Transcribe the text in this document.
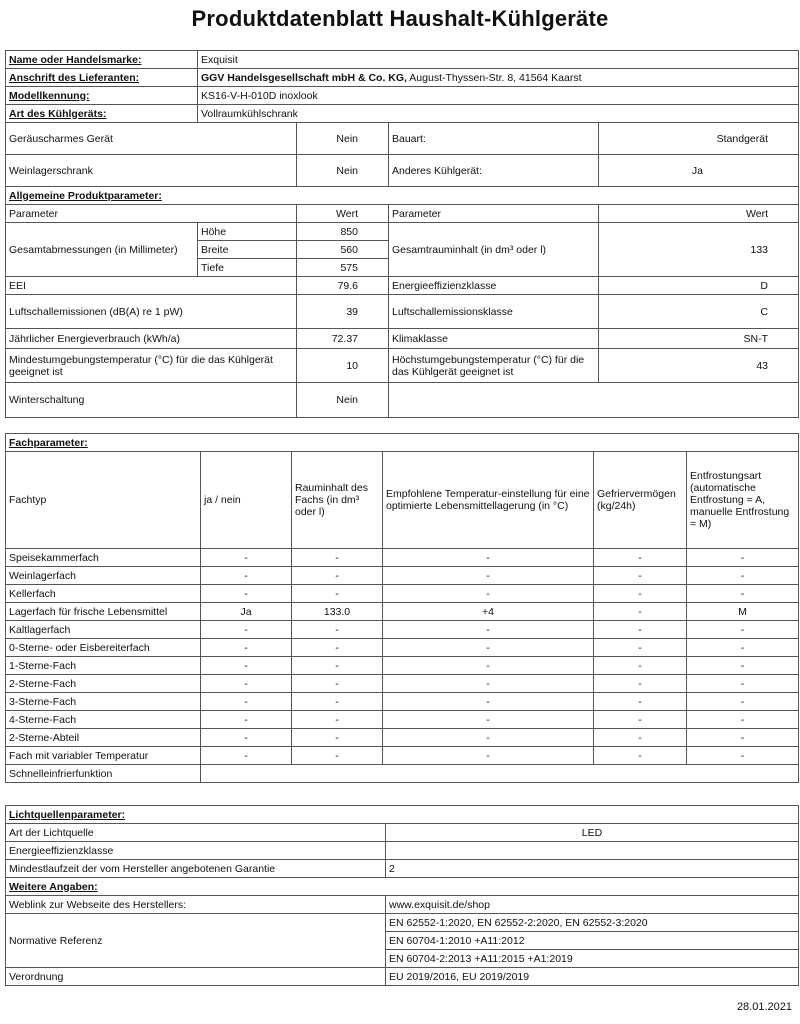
Produktdatenblatt Haushalt-Kühlgeräte
Name oder Handelsmarke:	Exquisit			
Anschrift des Lieferanten:	GGV Handelsgesellschaft mbH & Co. KG, August-Thyssen-Str. 8, 41564 Kaarst			
Modellkennung:	KS16-V-H-010D inoxlook			
Art des Kühlgeräts:	Vollraumkühlschrank			
Geräuscharmes Gerät		Nein	Bauart:	Standgerät
Weinlagerschrank		Nein	Anderes Kühlgerät:	Ja
Allgemeine Produktparameter:				
Parameter		Wert	Parameter	Wert
Gesamtabmessungen (in Millimeter)	Höhe	850	Gesamtrauminhalt (in dm³ oder l)	133
	Breite	560		
	Tiefe	575		
EEI		79.6	Energieeffizienzklasse	D
Luftschallemissionen (dB(A) re 1 pW)		39	Luftschallemissionsklasse	C
Jährlicher Energieverbrauch (kWh/a)		72.37	Klimaklasse	SN-T
Mindestumgebungstemperatur (°C) für die das Kühlgerät geeignet ist		10	Höchstumgebungstemperatur (°C) für die das Kühlgerät geeignet ist	43
Winterschaltung		Nein		
Fachparameter:					
Fachtyp	ja / nein	Rauminhalt des Fachs (in dm³ oder l)	Empfohlene Temperatur-einstellung für eine optimierte Lebensmittellagerung (in °C)	Gefriervermögen (kg/24h)	Entfrostungsart (automatische Entfrostung = A, manuelle Entfrostung = M)
Speisekammerfach	-	-	-	-	-
Weinlagerfach	-	-	-	-	-
Kellerfach	-	-	-	-	-
Lagerfach für frische Lebensmittel	Ja	133.0	+4	-	M
Kaltlagerfach	-	-	-	-	-
0-Sterne- oder Eisbereiterfach	-	-	-	-	-
1-Sterne-Fach	-	-	-	-	-
2-Sterne-Fach	-	-	-	-	-
3-Sterne-Fach	-	-	-	-	-
4-Sterne-Fach	-	-	-	-	-
2-Sterne-Abteil	-	-	-	-	-
Fach mit variabler Temperatur	-	-	-	-	-
Schnelleinfrierfunktion					
Lichtquellenparameter:	
Art der Lichtquelle	LED
Energieeffizienzklasse	
Mindestlaufzeit der vom Hersteller angebotenen Garantie	2
Weitere Angaben:	
Weblink zur Webseite des Herstellers:	www.exquisit.de/shop
Normative Referenz	EN 62552-1:2020, EN 62552-2:2020, EN 62552-3:2020
	EN 60704-1:2010 +A11:2012
	EN 60704-2:2013 +A11:2015 +A1:2019
Verordnung	EU 2019/2016, EU 2019/2019
28.01.2021
